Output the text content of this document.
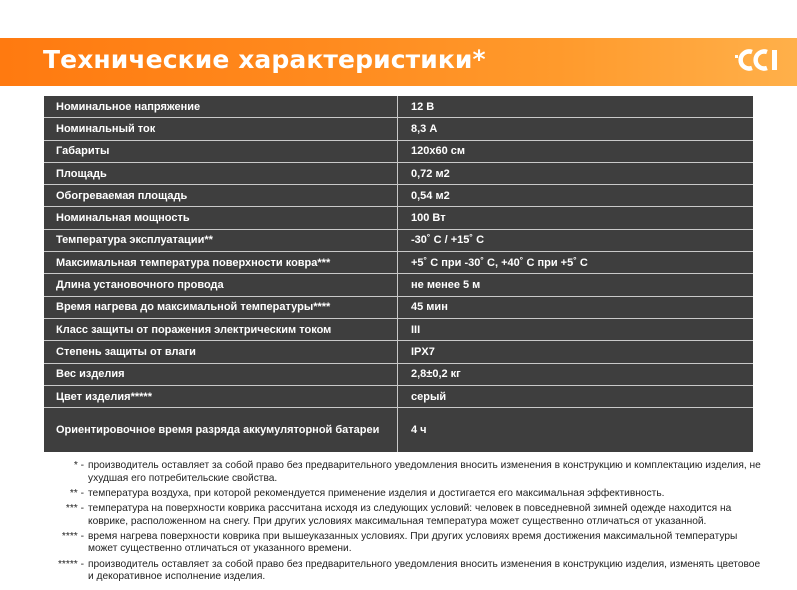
Технические характеристики*
Номинальное напряжение	12 В
Номинальный ток	8,3 А
Габариты	120х60 см
Площадь	0,72 м2
Обогреваемая площадь	0,54 м2
Номинальная мощность	100 Вт
Температура эксплуатации**	-30˚ С / +15˚ С
Максимальная температура поверхности ковра***	+5˚ С при -30˚ С, +40˚ С при +5˚ С
Длина установочного провода	не менее 5 м
Время нагрева до максимальной температуры****	45 мин
Класс защиты от поражения электрическим током	III
Степень защиты от влаги	IPX7
Вес изделия	2,8±0,2 кг
Цвет изделия*****	серый
Ориентировочное время разряда аккумуляторной батареи	4 ч
* - производитель оставляет за собой право без предварительного уведомления вносить изменения в конструкцию и комплектацию изделия, не ухудшая его потребительские свойства.
** - температура воздуха, при которой рекомендуется применение изделия и достигается его максимальная эффективность.
*** - температура на поверхности коврика рассчитана исходя из следующих условий: человек в повседневной зимней одежде находится на коврике, расположенном на снегу. При других условиях максимальная температура может существенно отличаться от указанной.
**** - время нагрева поверхности коврика при вышеуказанных условиях. При других условиях время достижения максимальной температуры может существенно отличаться от указанного времени.
***** - производитель оставляет за собой право без предварительного уведомления вносить изменения в конструкцию изделия, изменять цветовое и декоративное исполнение изделия.
